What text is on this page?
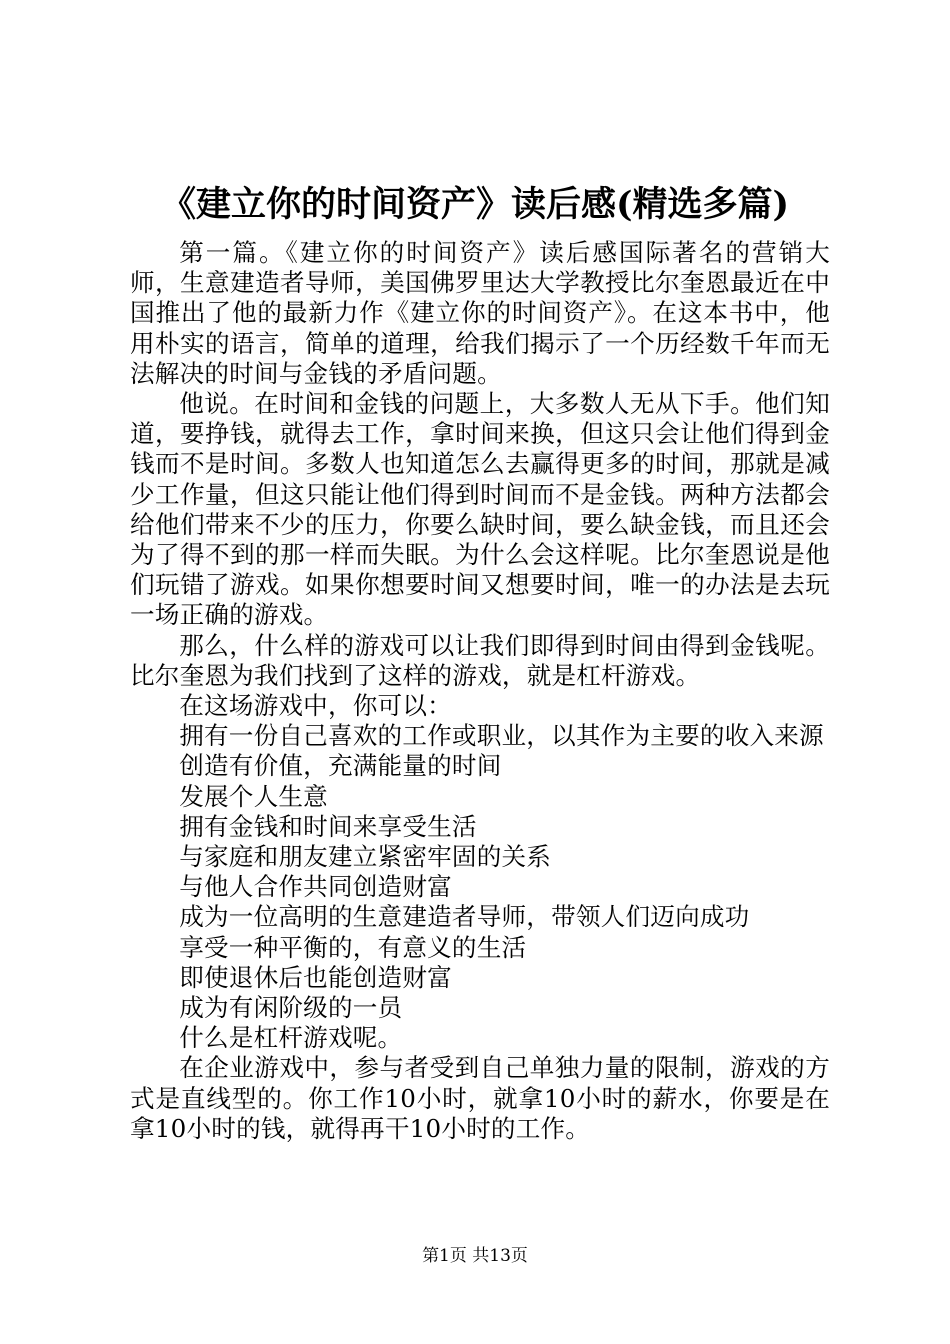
《建立你的时间资产》读后感(精选多篇)

第一篇。《建立你的时间资产》读后感国际著名的营销大师，生意建造者导师，美国佛罗里达大学教授比尔奎恩最近在中国推出了他的最新力作《建立你的时间资产》。在这本书中，他用朴实的语言，简单的道理，给我们揭示了一个历经数千年而无法解决的时间与金钱的矛盾问题。

他说。在时间和金钱的问题上，大多数人无从下手。他们知道，要挣钱，就得去工作，拿时间来换，但这只会让他们得到金钱而不是时间。多数人也知道怎么去赢得更多的时间，那就是减少工作量，但这只能让他们得到时间而不是金钱。两种方法都会给他们带来不少的压力，你要么缺时间，要么缺金钱，而且还会为了得不到的那一样而失眠。为什么会这样呢。比尔奎恩说是他们玩错了游戏。如果你想要时间又想要时间，唯一的办法是去玩一场正确的游戏。

那么，什么样的游戏可以让我们即得到时间由得到金钱呢。比尔奎恩为我们找到了这样的游戏，就是杠杆游戏。

在这场游戏中，你可以：

拥有一份自己喜欢的工作或职业，以其作为主要的收入来源

创造有价值，充满能量的时间

发展个人生意

拥有金钱和时间来享受生活

与家庭和朋友建立紧密牢固的关系

与他人合作共同创造财富

成为一位高明的生意建造者导师，带领人们迈向成功

享受一种平衡的，有意义的生活

即使退休后也能创造财富

成为有闲阶级的一员

什么是杠杆游戏呢。

在企业游戏中，参与者受到自己单独力量的限制，游戏的方式是直线型的。你工作10小时，就拿10小时的薪水，你要是在拿10小时的钱，就得再干10小时的工作。

第1页 共13页
